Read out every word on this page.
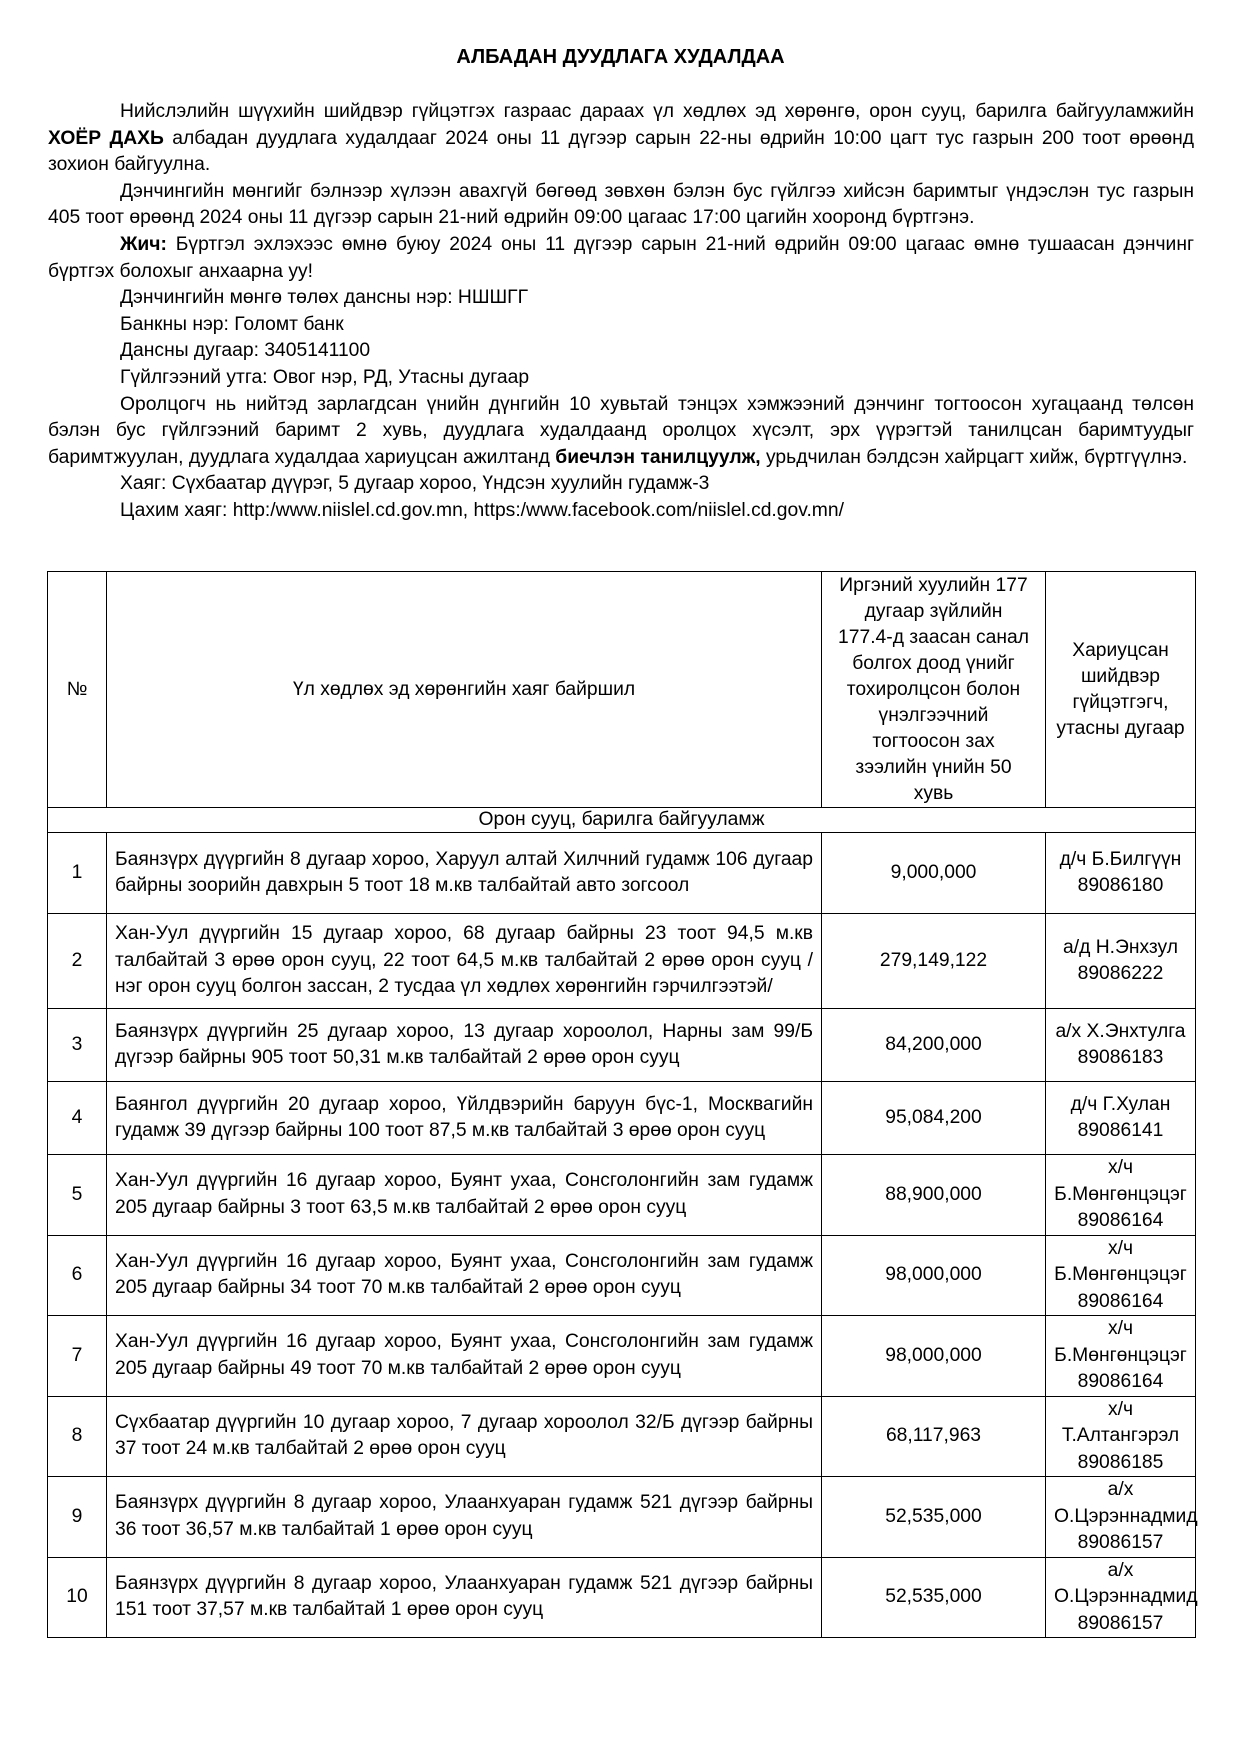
АЛБАДАН ДУУДЛАГА ХУДАЛДАА

Нийслэлийн шүүхийн шийдвэр гүйцэтгэх газраас дараах үл хөдлөх эд хөрөнгө, орон сууц, барилга байгууламжийн ХОЁР ДАХЬ албадан дуудлага худалдааг 2024 оны 11 дүгээр сарын 22-ны өдрийн 10:00 цагт тус газрын 200 тоот өрөөнд зохион байгуулна.

Дэнчингийн мөнгийг бэлнээр хүлээн авахгүй бөгөөд зөвхөн бэлэн бус гүйлгээ хийсэн баримтыг үндэслэн тус газрын 405 тоот өрөөнд 2024 оны 11 дүгээр сарын 21-ний өдрийн 09:00 цагаас 17:00 цагийн хооронд бүртгэнэ.

Жич: Бүртгэл эхлэхээс өмнө буюу 2024 оны 11 дүгээр сарын 21-ний өдрийн 09:00 цагаас өмнө тушаасан дэнчинг бүртгэх болохыг анхаарна уу!

Дэнчингийн мөнгө төлөх дансны нэр: НШШГГ

Банкны нэр: Голомт банк

Дансны дугаар: 3405141100

Гүйлгээний утга: Овог нэр, РД, Утасны дугаар

Оролцогч нь нийтэд зарлагдсан үнийн дүнгийн 10 хувьтай тэнцэх хэмжээний дэнчинг тогтоосон хугацаанд төлсөн бэлэн бус гүйлгээний баримт 2 хувь, дуудлага худалдаанд оролцох хүсэлт, эрх үүрэгтэй танилцсан баримтуудыг баримтжуулан, дуудлага худалдаа хариуцсан ажилтанд биечлэн танилцуулж, урьдчилан бэлдсэн хайрцагт хийж, бүртгүүлнэ.

Хаяг: Сүхбаатар дүүрэг, 5 дугаар хороо, Үндсэн хуулийн гудамж-3

Цахим хаяг: http:/www.niislel.cd.gov.mn, https:/www.facebook.com/niislel.cd.gov.mn/

№	Үл хөдлөх эд хөрөнгийн хаяг байршил	Иргэний хуулийн 177 дугаар зүйлийн 177.4-д заасан санал болгох доод үнийг тохиролцсон болон үнэлгээчний тогтоосон зах зээлийн үнийн 50 хувь	Хариуцсан шийдвэр гүйцэтгэгч, утасны дугаар
Орон сууц, барилга байгууламж			
1	Баянзүрх дүүргийн 8 дугаар хороо, Харуул алтай Хилчний гудамж 106 дугаар байрны зоорийн давхрын 5 тоот 18 м.кв талбайтай авто зогсоол	9,000,000	д/ч Б.Билгүүн 89086180
2	Хан-Уул дүүргийн 15 дугаар хороо, 68 дугаар байрны 23 тоот 94,5 м.кв талбайтай 3 өрөө орон сууц, 22 тоот 64,5 м.кв талбайтай 2 өрөө орон сууц /нэг орон сууц болгон зассан, 2 тусдаа үл хөдлөх хөрөнгийн гэрчилгээтэй/	279,149,122	а/д Н.Энхзул 89086222
3	Баянзүрх дүүргийн 25 дугаар хороо, 13 дугаар хороолол, Нарны зам 99/Б дүгээр байрны 905 тоот 50,31 м.кв талбайтай 2 өрөө орон сууц	84,200,000	а/х Х.Энхтулга 89086183
4	Баянгол дүүргийн 20 дугаар хороо, Үйлдвэрийн баруун бүс-1, Москвагийн гудамж 39 дүгээр байрны 100 тоот 87,5 м.кв талбайтай 3 өрөө орон сууц	95,084,200	д/ч Г.Хулан 89086141
5	Хан-Уул дүүргийн 16 дугаар хороо, Буянт ухаа, Сонсголонгийн зам гудамж 205 дугаар байрны 3 тоот 63,5 м.кв талбайтай 2 өрөө орон сууц	88,900,000	х/ч Б.Мөнгөнцэцэг 89086164
6	Хан-Уул дүүргийн 16 дугаар хороо, Буянт ухаа, Сонсголонгийн зам гудамж 205 дугаар байрны 34 тоот 70 м.кв талбайтай 2 өрөө орон сууц	98,000,000	х/ч Б.Мөнгөнцэцэг 89086164
7	Хан-Уул дүүргийн 16 дугаар хороо, Буянт ухаа, Сонсголонгийн зам гудамж 205 дугаар байрны 49 тоот 70 м.кв талбайтай 2 өрөө орон сууц	98,000,000	х/ч Б.Мөнгөнцэцэг 89086164
8	Сүхбаатар дүүргийн 10 дугаар хороо, 7 дугаар хороолол 32/Б дүгээр байрны 37 тоот 24 м.кв талбайтай 2 өрөө орон сууц	68,117,963	х/ч Т.Алтангэрэл 89086185
9	Баянзүрх дүүргийн 8 дугаар хороо, Улаанхуаран гудамж 521 дүгээр байрны 36 тоот 36,57 м.кв талбайтай 1 өрөө орон сууц	52,535,000	а/х О.Цэрэннадмид 89086157
10	Баянзүрх дүүргийн 8 дугаар хороо, Улаанхуаран гудамж 521 дүгээр байрны 151 тоот 37,57 м.кв талбайтай 1 өрөө орон сууц	52,535,000	а/х О.Цэрэннадмид 89086157
